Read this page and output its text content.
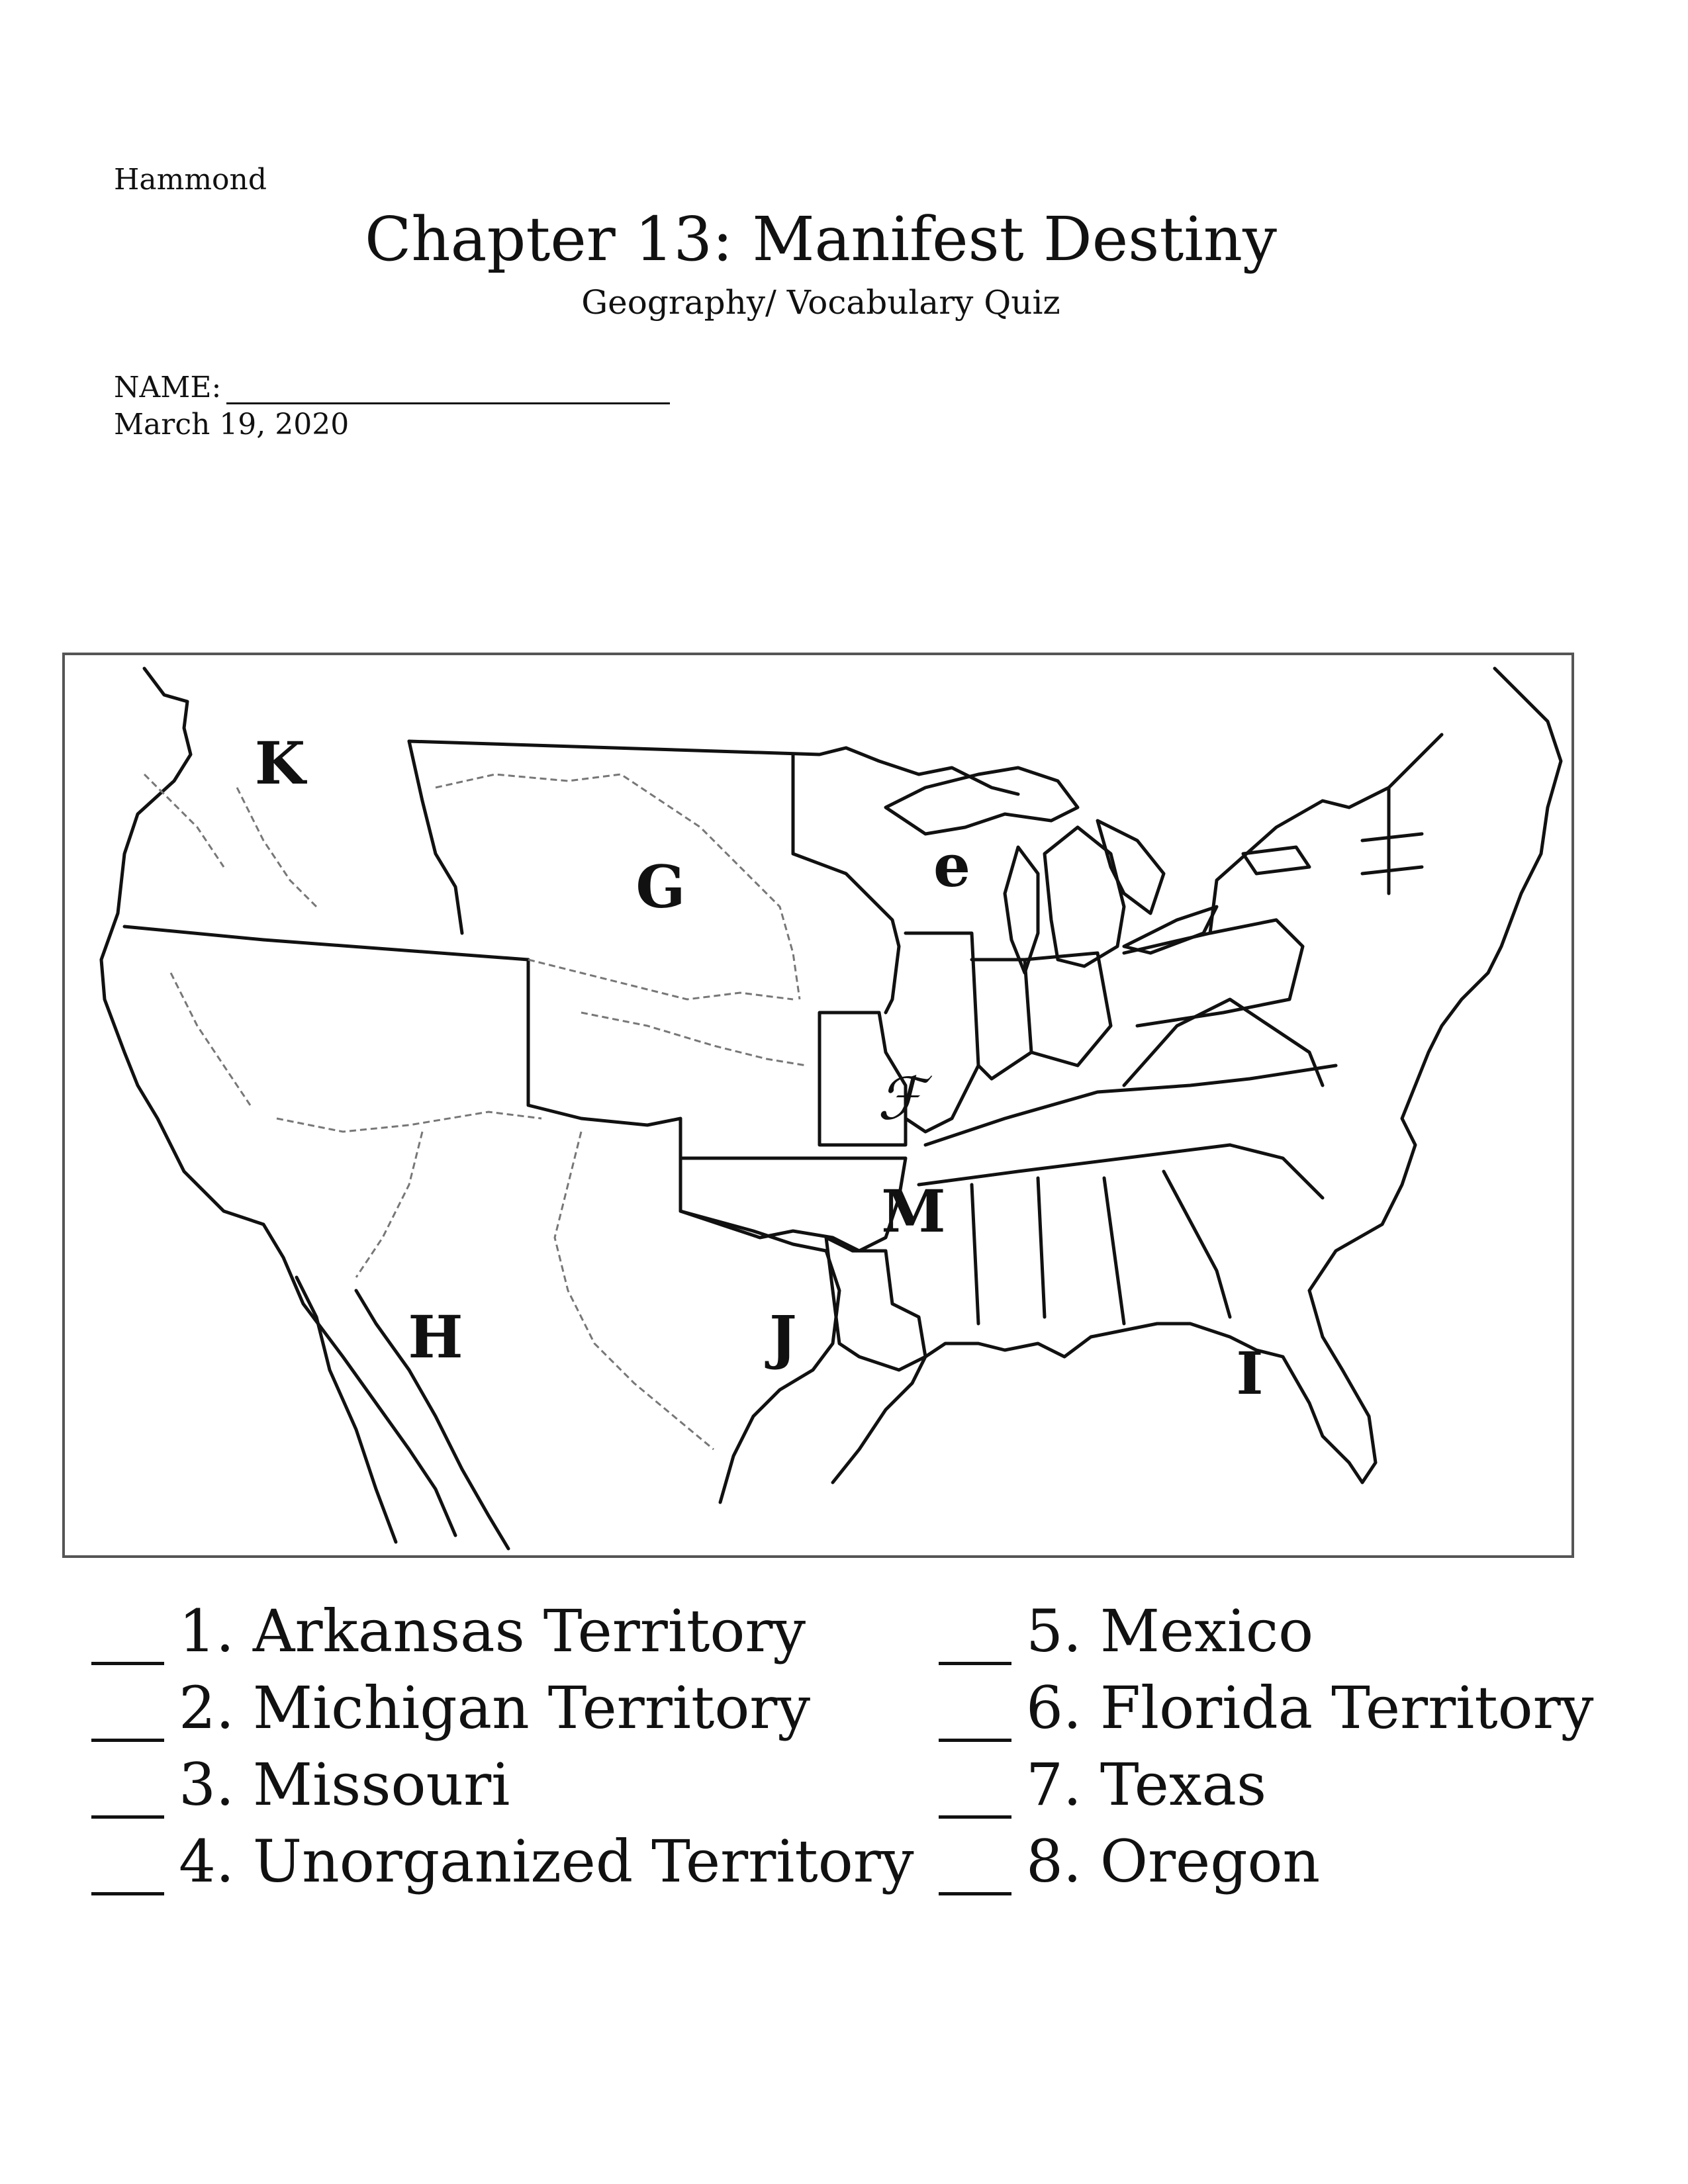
Hammond
Chapter 13: Manifest Destiny
Geography/ Vocabulary Quiz
NAME:
March 19, 2020
K
G	e
ℱ
M
H	J
I
1. Arkansas Territory
2. Michigan Territory
3. Missouri
4. Unorganized Territory
5. Mexico
6. Florida Territory
7. Texas
8. Oregon
